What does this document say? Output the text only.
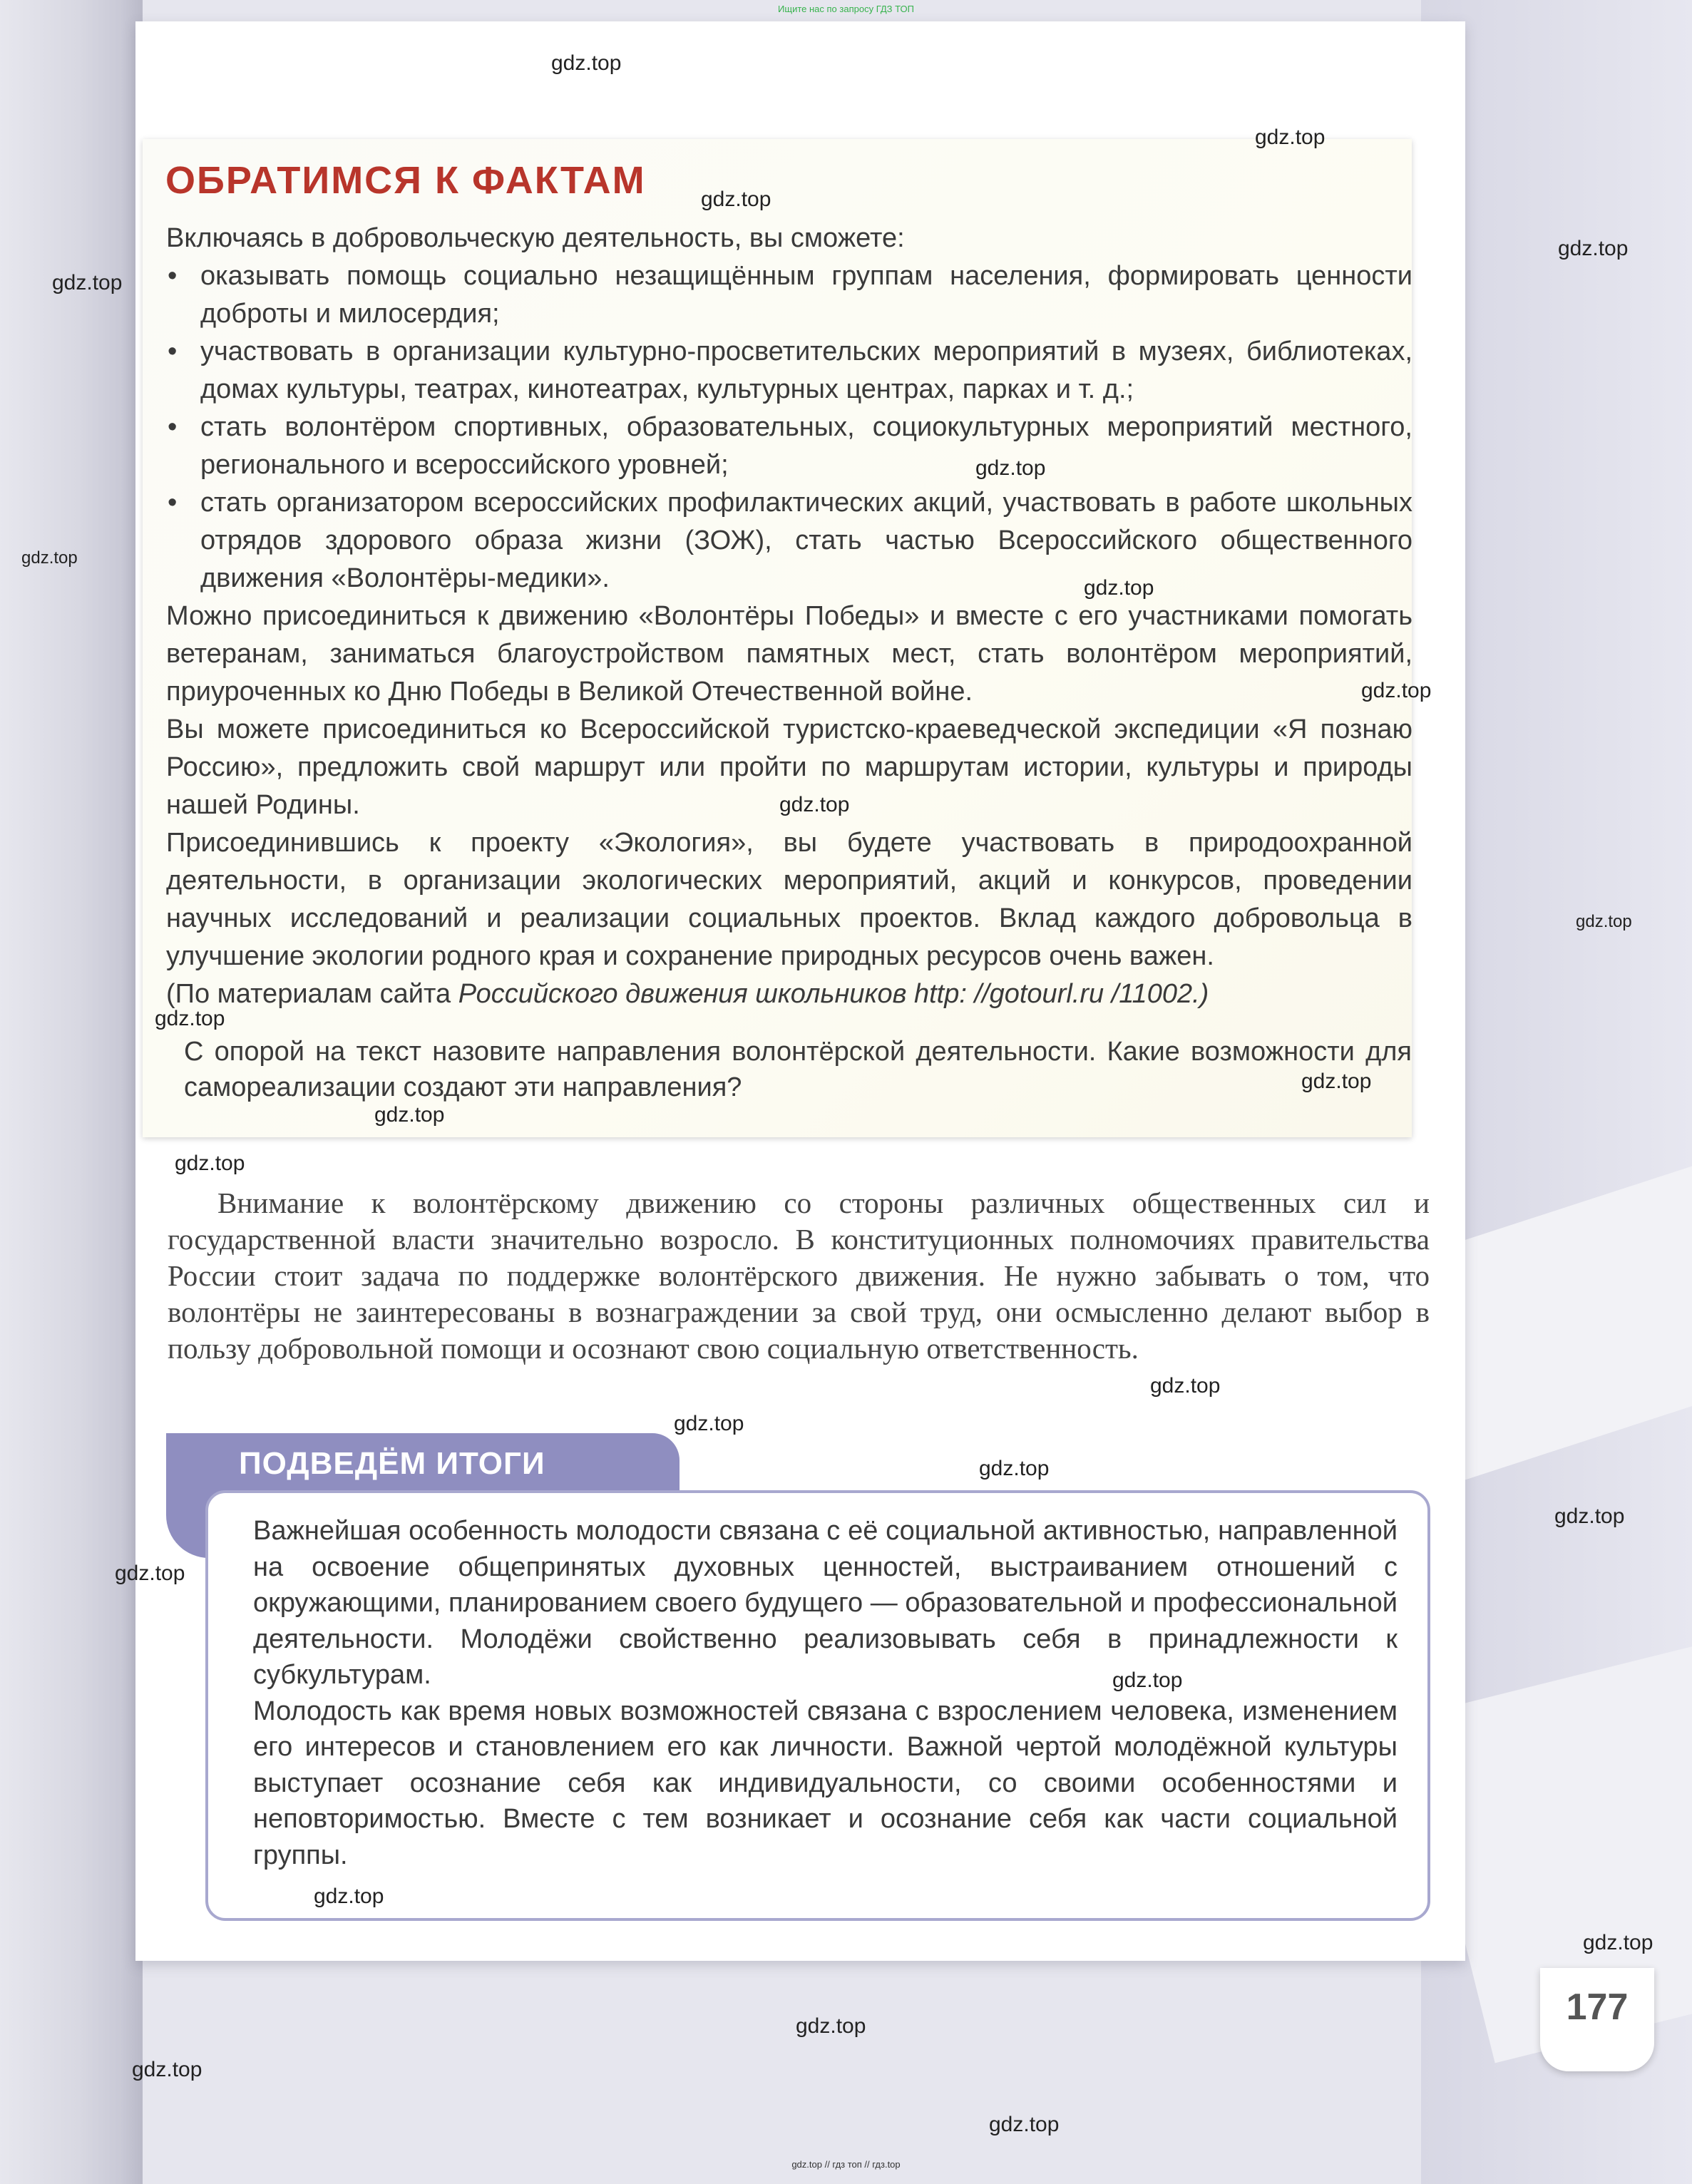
Ищите нас по запросу ГДЗ ТОП
ОБРАТИМСЯ К ФАКТАМ

Включаясь в добровольческую деятельность, вы сможете:

• оказывать помощь социально незащищённым группам населения, формировать ценности доброты и милосердия;
• участвовать в организации культурно-просветительских мероприятий в музеях, библиотеках, домах культуры, театрах, кинотеатрах, культурных центрах, парках и т. д.;
• стать волонтёром спортивных, образовательных, социокультурных мероприятий местного, регионального и всероссийского уровней;
• стать организатором всероссийских профилактических акций, участвовать в работе школьных отрядов здорового образа жизни (ЗОЖ), стать частью Всероссийского общественного движения «Волонтёры-медики».

Можно присоединиться к движению «Волонтёры Победы» и вместе с его участниками помогать ветеранам, заниматься благоустройством памятных мест, стать волонтёром мероприятий, приуроченных ко Дню Победы в Великой Отечественной войне.

Вы можете присоединиться ко Всероссийской туристско-краеведческой экспедиции «Я познаю Россию», предложить свой маршрут или пройти по маршрутам истории, культуры и природы нашей Родины.

Присоединившись к проекту «Экология», вы будете участвовать в природоохранной деятельности, в организации экологических мероприятий, акций и конкурсов, проведении научных исследований и реализации социальных проектов. Вклад каждого добровольца в улучшение экологии родного края и сохранение природных ресурсов очень важен.

(По материалам сайта Российского движения школьников http: //gotourl.ru /11002.)

С опорой на текст назовите направления волонтёрской деятельности. Какие возможности для самореализации создают эти направления?

Внимание к волонтёрскому движению со стороны различных общественных сил и государственной власти значительно возросло. В конституционных полномочиях правительства России стоит задача по поддержке волонтёрского движения. Не нужно забывать о том, что волонтёры не заинтересованы в вознаграждении за свой труд, они осмысленно делают выбор в пользу добровольной помощи и осознают свою социальную ответственность.

ПОДВЕДЁМ ИТОГИ

Важнейшая особенность молодости связана с её социальной активностью, направленной на освоение общепринятых духовных ценностей, выстраиванием отношений с окружающими, планированием своего будущего — образовательной и профессиональной деятельности. Молодёжи свойственно реализовывать себя в принадлежности к субкультурам.

Молодость как время новых возможностей связана с взрослением человека, изменением его интересов и становлением его как личности. Важной чертой молодёжной культуры выступает осознание себя как индивидуальности, со своими особенностями и неповторимостью. Вместе с тем возникает и осознание себя как части социальной группы.

177
gdz.top
gdz.top
gdz.top
gdz.top
gdz.top
gdz.top
gdz.top
gdz.top
gdz.top
gdz.top
gdz.top
gdz.top
gdz.top
gdz.top
gdz.top
gdz.top
gdz.top
gdz.top
gdz.top
gdz.top
gdz.top
gdz.top
gdz.top
gdz.top
gdz.top
gdz.top
gdz.top // гдз топ // гдз.top
